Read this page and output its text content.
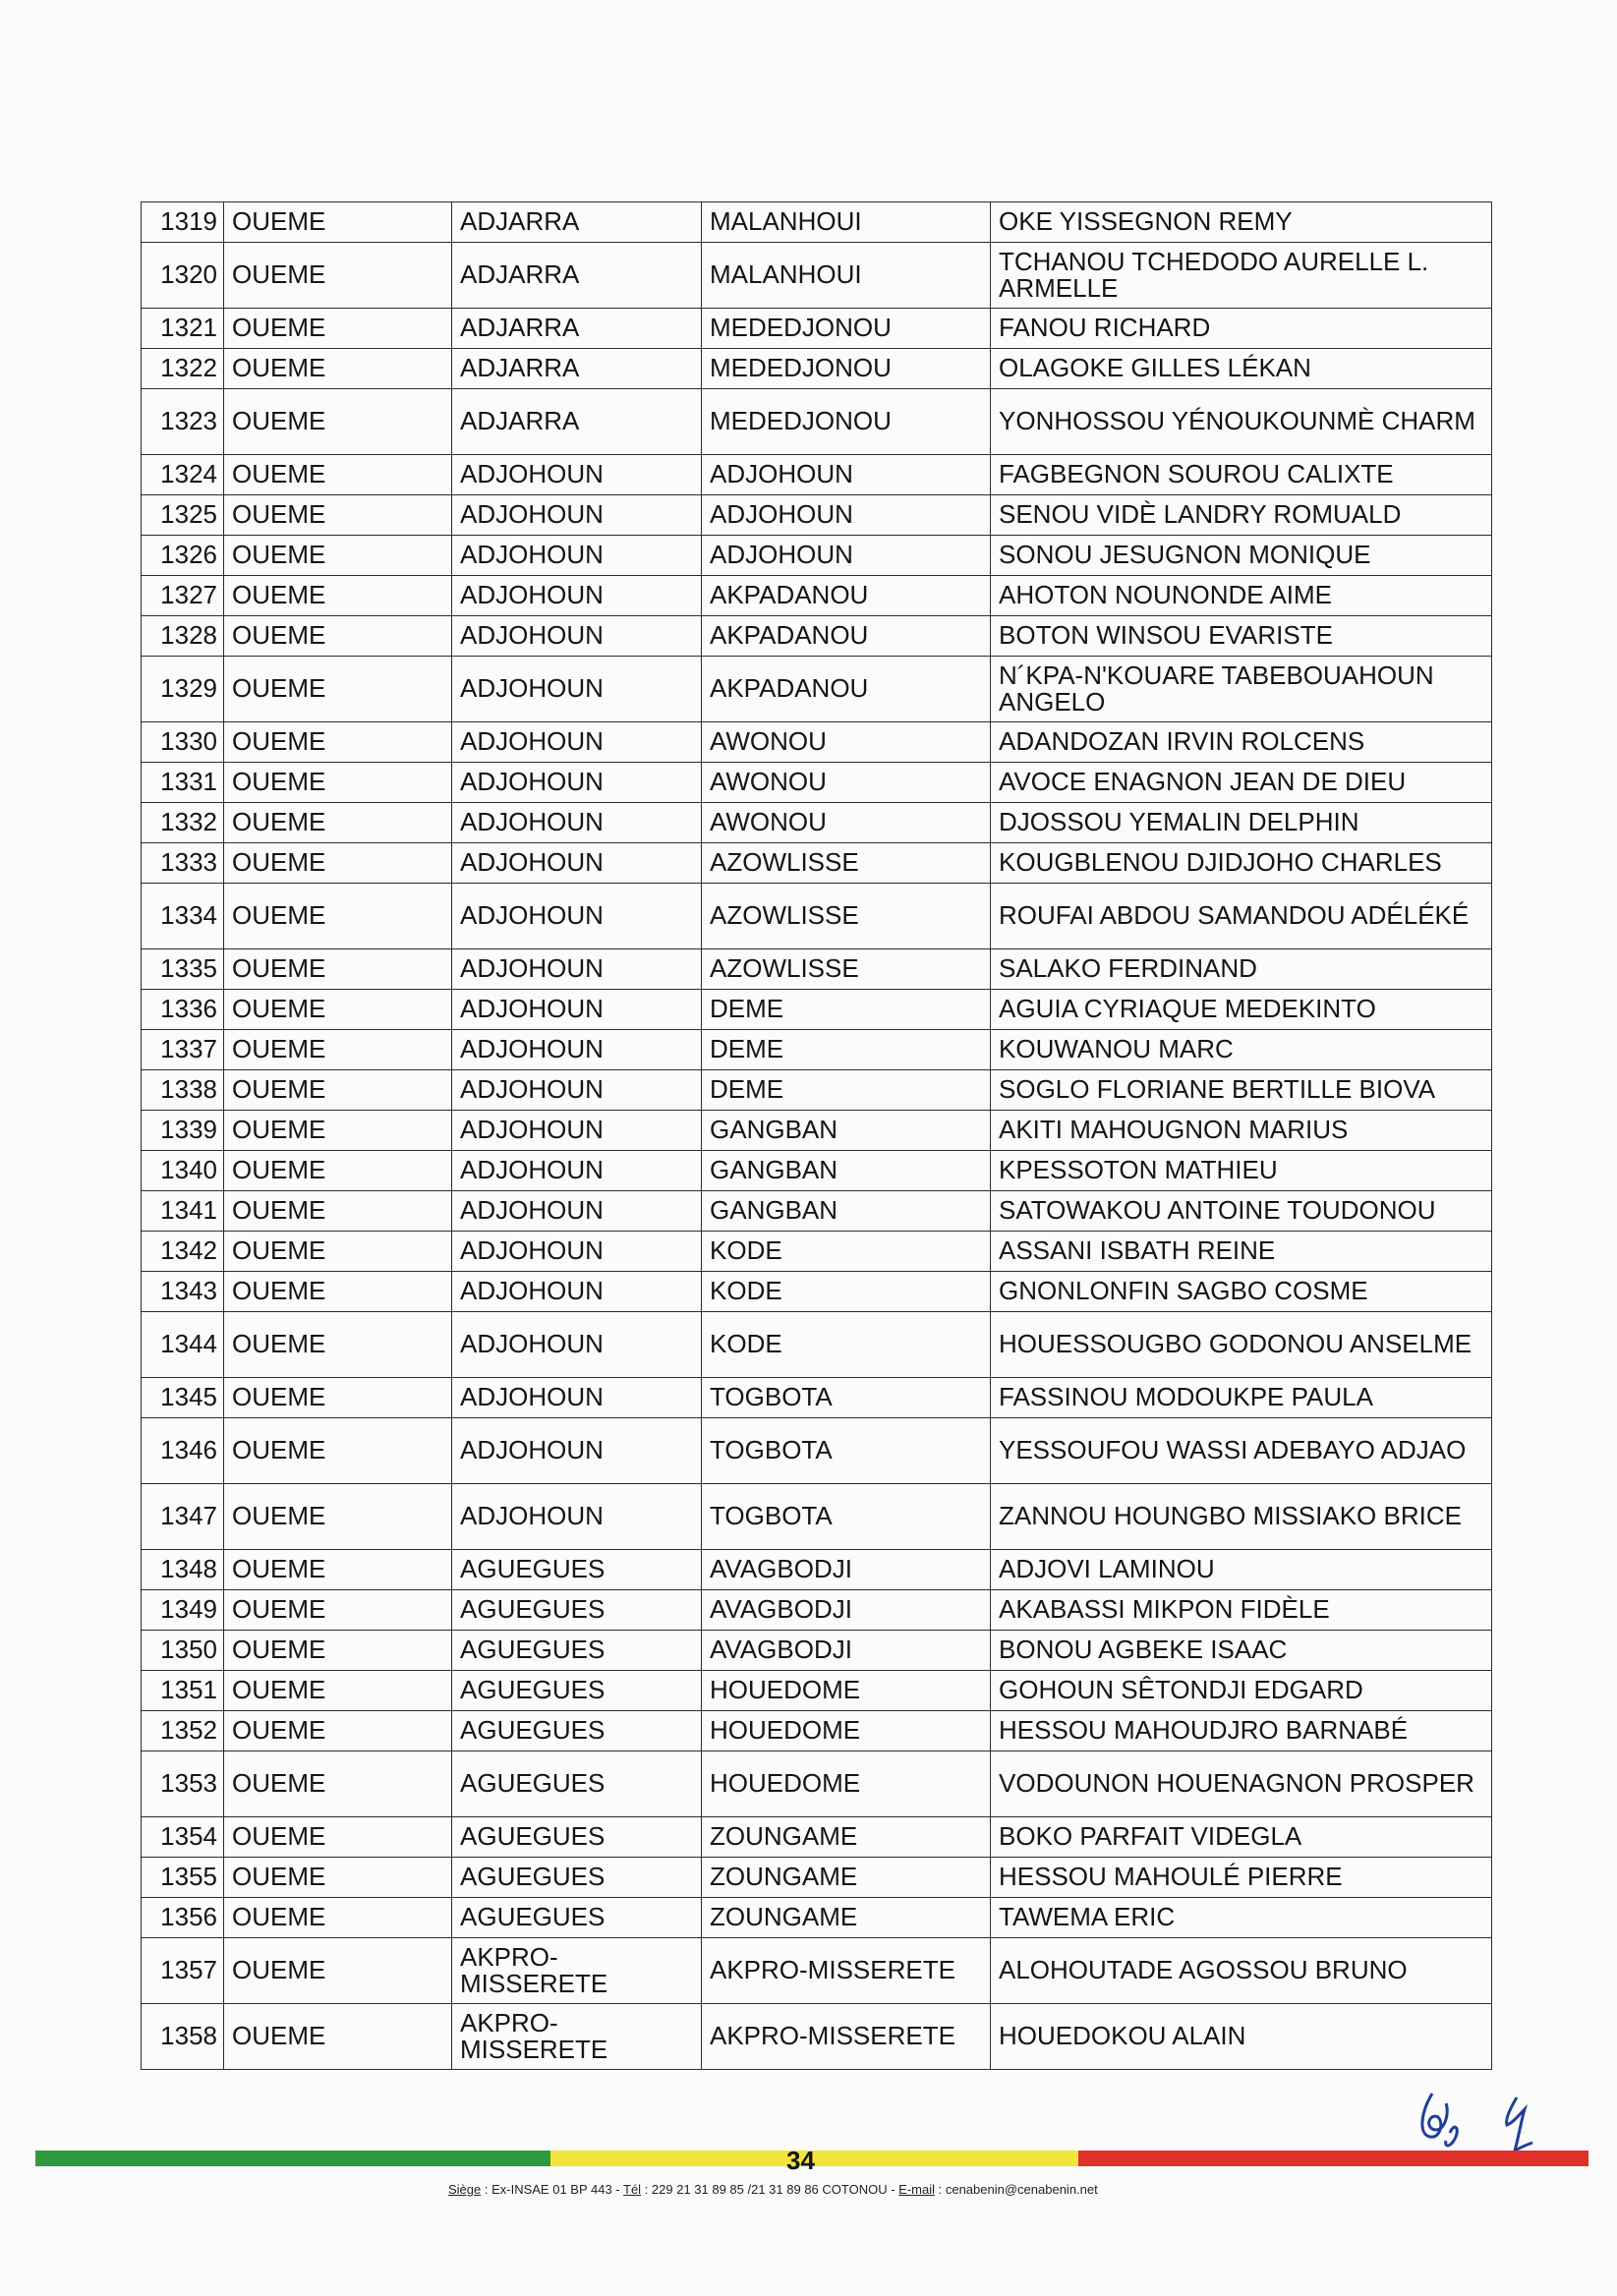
1319	OUEME	ADJARRA	MALANHOUI	OKE YISSEGNON REMY
1320	OUEME	ADJARRA	MALANHOUI	TCHANOU TCHEDODO AURELLE L. ARMELLE
1321	OUEME	ADJARRA	MEDEDJONOU	FANOU RICHARD
1322	OUEME	ADJARRA	MEDEDJONOU	OLAGOKE GILLES LÉKAN
1323	OUEME	ADJARRA	MEDEDJONOU	YONHOSSOU YÉNOUKOUNMÈ CHARM
1324	OUEME	ADJOHOUN	ADJOHOUN	FAGBEGNON SOUROU CALIXTE
1325	OUEME	ADJOHOUN	ADJOHOUN	SENOU VIDÈ LANDRY ROMUALD
1326	OUEME	ADJOHOUN	ADJOHOUN	SONOU JESUGNON MONIQUE
1327	OUEME	ADJOHOUN	AKPADANOU	AHOTON NOUNONDE AIME
1328	OUEME	ADJOHOUN	AKPADANOU	BOTON WINSOU EVARISTE
1329	OUEME	ADJOHOUN	AKPADANOU	N´KPA-N'KOUARE TABEBOUAHOUN ANGELO
1330	OUEME	ADJOHOUN	AWONOU	ADANDOZAN IRVIN ROLCENS
1331	OUEME	ADJOHOUN	AWONOU	AVOCE ENAGNON JEAN DE DIEU
1332	OUEME	ADJOHOUN	AWONOU	DJOSSOU YEMALIN DELPHIN
1333	OUEME	ADJOHOUN	AZOWLISSE	KOUGBLENOU DJIDJOHO CHARLES
1334	OUEME	ADJOHOUN	AZOWLISSE	ROUFAI ABDOU SAMANDOU ADÉLÉKÉ
1335	OUEME	ADJOHOUN	AZOWLISSE	SALAKO FERDINAND
1336	OUEME	ADJOHOUN	DEME	AGUIA CYRIAQUE MEDEKINTO
1337	OUEME	ADJOHOUN	DEME	KOUWANOU MARC
1338	OUEME	ADJOHOUN	DEME	SOGLO FLORIANE BERTILLE BIOVA
1339	OUEME	ADJOHOUN	GANGBAN	AKITI MAHOUGNON MARIUS
1340	OUEME	ADJOHOUN	GANGBAN	KPESSOTON MATHIEU
1341	OUEME	ADJOHOUN	GANGBAN	SATOWAKOU ANTOINE TOUDONOU
1342	OUEME	ADJOHOUN	KODE	ASSANI ISBATH REINE
1343	OUEME	ADJOHOUN	KODE	GNONLONFIN SAGBO COSME
1344	OUEME	ADJOHOUN	KODE	HOUESSOUGBO GODONOU ANSELME
1345	OUEME	ADJOHOUN	TOGBOTA	FASSINOU MODOUKPE PAULA
1346	OUEME	ADJOHOUN	TOGBOTA	YESSOUFOU WASSI ADEBAYO ADJAO
1347	OUEME	ADJOHOUN	TOGBOTA	ZANNOU HOUNGBO MISSIAKO BRICE
1348	OUEME	AGUEGUES	AVAGBODJI	ADJOVI LAMINOU
1349	OUEME	AGUEGUES	AVAGBODJI	AKABASSI MIKPON FIDÈLE
1350	OUEME	AGUEGUES	AVAGBODJI	BONOU AGBEKE ISAAC
1351	OUEME	AGUEGUES	HOUEDOME	GOHOUN SÊTONDJI EDGARD
1352	OUEME	AGUEGUES	HOUEDOME	HESSOU MAHOUDJRO BARNABÉ
1353	OUEME	AGUEGUES	HOUEDOME	VODOUNON HOUENAGNON PROSPER
1354	OUEME	AGUEGUES	ZOUNGAME	BOKO PARFAIT VIDEGLA
1355	OUEME	AGUEGUES	ZOUNGAME	HESSOU MAHOULÉ PIERRE
1356	OUEME	AGUEGUES	ZOUNGAME	TAWEMA ERIC
1357	OUEME	AKPRO-MISSERETE	AKPRO-MISSERETE	ALOHOUTADE AGOSSOU BRUNO
1358	OUEME	AKPRO-MISSERETE	AKPRO-MISSERETE	HOUEDOKOU ALAIN
34
Siège : Ex-INSAE 01 BP 443 - Tél : 229 21 31 89 85 /21 31 89 86 COTONOU - E-mail : cenabenin@cenabenin.net
